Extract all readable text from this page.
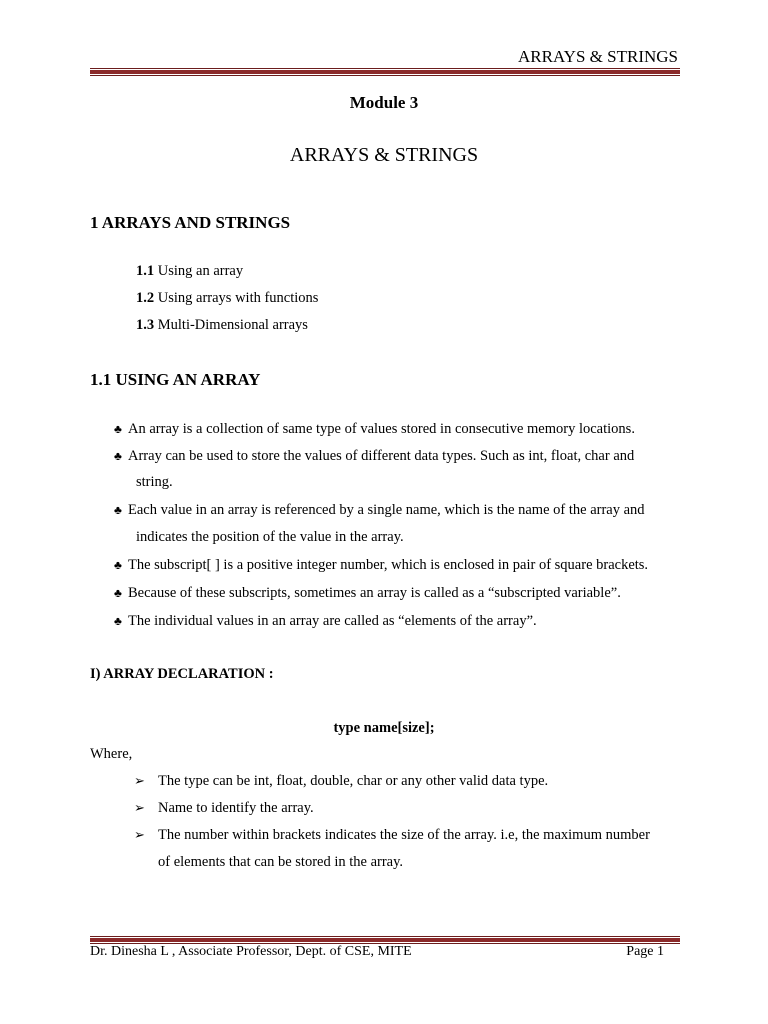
ARRAYS & STRINGS
Module 3
ARRAYS & STRINGS
1 ARRAYS AND STRINGS
1.1 Using an array
1.2 Using arrays with functions
1.3 Multi-Dimensional arrays
1.1 USING AN ARRAY
♣ An array is a collection of same type of values stored in consecutive memory locations.
♣ Array can be used to store the values of different data types. Such as int, float, char and
string.
♣ Each value in an array is referenced by a single name, which is the name of the array and
indicates the position of the value in the array.
♣ The subscript[ ] is a positive integer number, which is enclosed in pair of square brackets.
♣ Because of these subscripts, sometimes an array is called as a “subscripted variable”.
♣ The individual values in an array are called as “elements of the array”.
I) ARRAY DECLARATION :
type name[size];
Where,
➢ The type can be int, float, double, char or any other valid data type.
➢ Name to identify the array.
➢ The number within brackets indicates the size of the array. i.e, the maximum number
of elements that can be stored in the array.
Dr. Dinesha L , Associate Professor, Dept. of CSE, MITE	Page 1
